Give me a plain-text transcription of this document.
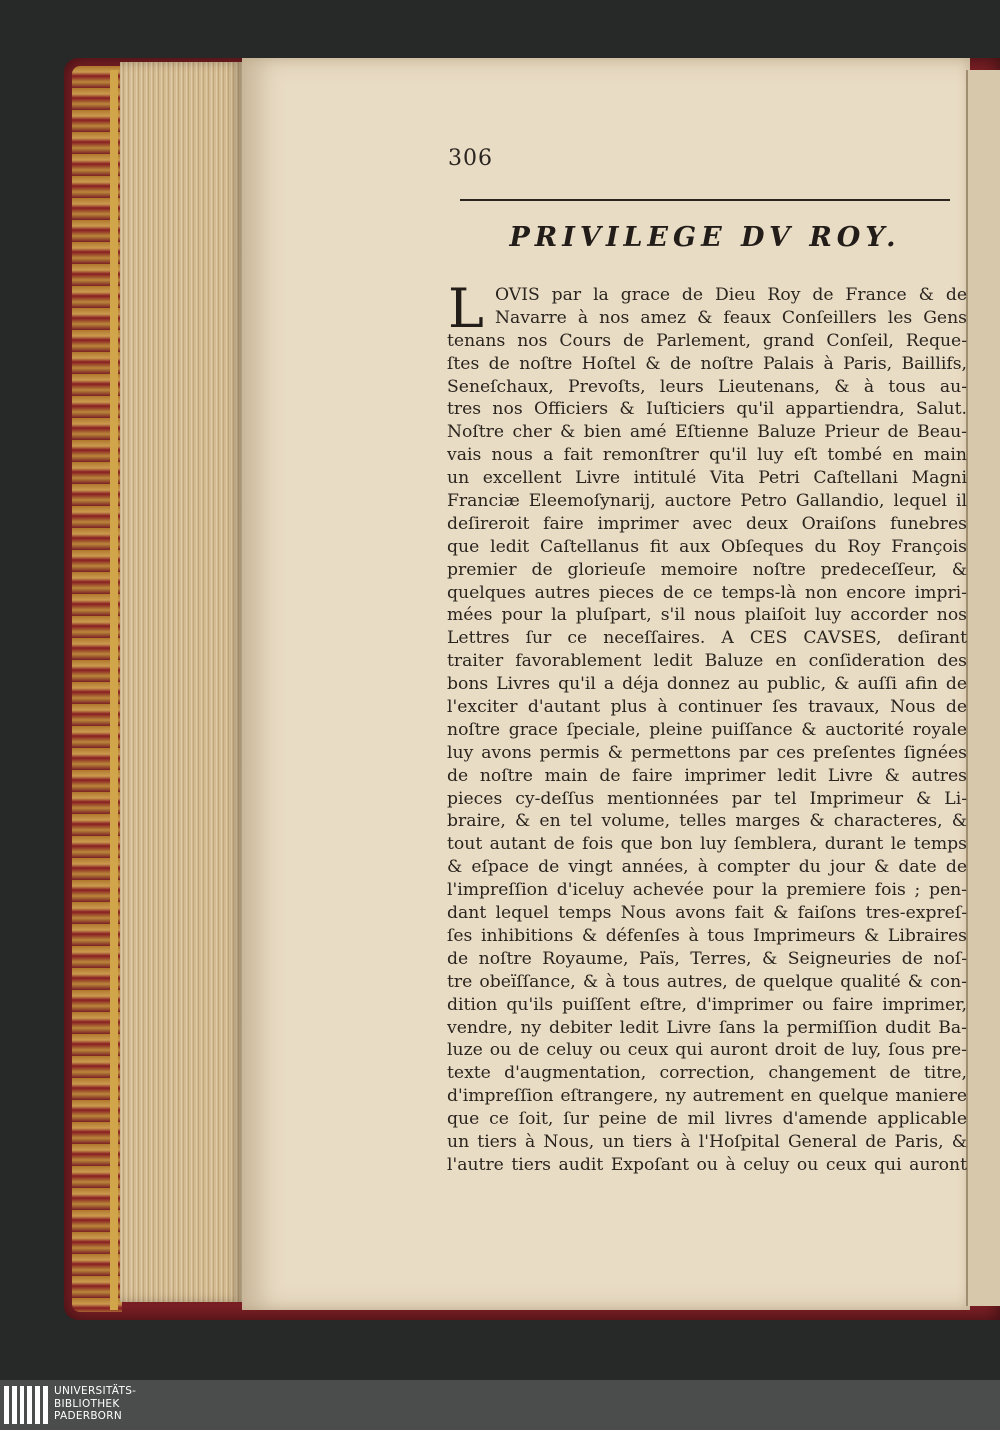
306
PRIVILEGE DV ROY.
L OVIS par la grace de Dieu Roy de France & de
Navarre à nos amez & feaux Conſeillers les Gens
tenans nos Cours de Parlement, grand Conſeil, Reque-
ſtes de noſtre Hoſtel & de noſtre Palais à Paris, Baillifs,
Seneſchaux, Prevoſts, leurs Lieutenans, & à tous au-
tres nos Officiers & Iuſticiers qu'il appartiendra, Salut.
Noſtre cher & bien amé Eſtienne Baluze Prieur de Beau-
vais nous a fait remonſtrer qu'il luy eſt tombé en main
un excellent Livre intitulé Vita Petri Caſtellani Magni
Franciæ Eleemoſynarij, auctore Petro Gallandio, lequel il
deſireroit faire imprimer avec deux Oraiſons funebres
que ledit Caſtellanus fit aux Obſeques du Roy François
premier de glorieuſe memoire noſtre predeceſſeur, &
quelques autres pieces de ce temps-là non encore impri-
mées pour la pluſpart, s'il nous plaiſoit luy accorder nos
Lettres ſur ce neceſſaires. A CES CAVSES, deſirant
traiter favorablement ledit Baluze en conſideration des
bons Livres qu'il a déja donnez au public, & auſſi afin de
l'exciter d'autant plus à continuer ſes travaux, Nous de
noſtre grace ſpeciale, pleine puiſſance & auctorité royale
luy avons permis & permettons par ces preſentes ſignées
de noſtre main de faire imprimer ledit Livre & autres
pieces cy-deſſus mentionnées par tel Imprimeur & Li-
braire, & en tel volume, telles marges & characteres, &
tout autant de fois que bon luy ſemblera, durant le temps
& eſpace de vingt années, à compter du jour & date de
l'impreſſion d'iceluy achevée pour la premiere fois ; pen-
dant lequel temps Nous avons fait & faiſons tres-expreſ-
ſes inhibitions & défenſes à tous Imprimeurs & Libraires
de noſtre Royaume, Païs, Terres, & Seigneuries de noſ-
tre obeïſſance, & à tous autres, de quelque qualité & con-
dition qu'ils puiſſent eſtre, d'imprimer ou faire imprimer,
vendre, ny debiter ledit Livre ſans la permiſſion dudit Ba-
luze ou de celuy ou ceux qui auront droit de luy, ſous pre-
texte d'augmentation, correction, changement de titre,
d'impreſſion eſtrangere, ny autrement en quelque maniere
que ce ſoit, ſur peine de mil livres d'amende applicable
un tiers à Nous, un tiers à l'Hoſpital General de Paris, &
l'autre tiers audit Expoſant ou à celuy ou ceux qui auront
UNIVERSITÄTS-
BIBLIOTHEK
PADERBORN
